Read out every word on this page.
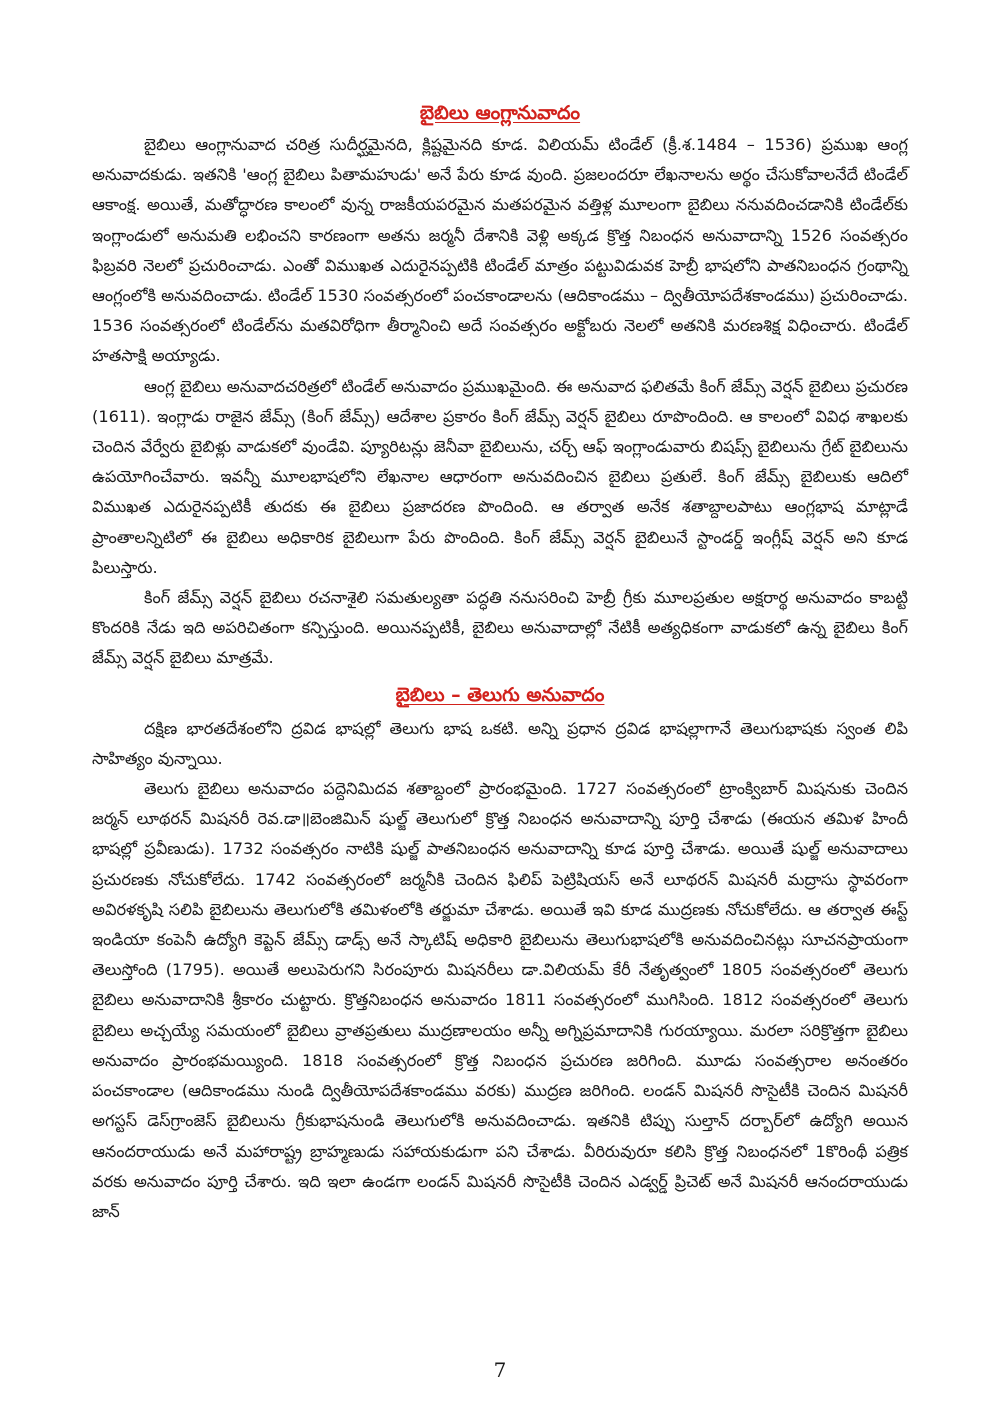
బైబిలు ఆంగ్లానువాదం

బైబిలు ఆంగ్లానువాద చరిత్ర సుదీర్ఘమైనది, క్లిష్టమైనది కూడ. విలియమ్ టిండేల్ (క్రీ.శ.1484 – 1536) ప్రముఖ ఆంగ్ల అనువాదకుడు. ఇతనికి 'ఆంగ్ల బైబిలు పితామహుడు' అనే పేరు కూడ వుంది. ప్రజలందరూ లేఖనాలను అర్థం చేసుకోవాలనేదే టిండేల్ ఆకాంక్ష. అయితే, మతోద్ధారణ కాలంలో వున్న రాజకీయపరమైన మతపరమైన వత్తిళ్ల మూలంగా బైబిలు ననువదించడానికి టిండేల్‌కు ఇంగ్లాండులో అనుమతి లభించని కారణంగా అతను జర్మనీ దేశానికి వెళ్లి అక్కడ క్రొత్త నిబంధన అనువాదాన్ని 1526 సంవత్సరం ఫిబ్రవరి నెలలో ప్రచురించాడు. ఎంతో విముఖత ఎదురైనప్పటికి టిండేల్ మాత్రం పట్టువిడువక హెబ్రీ భాషలోని పాతనిబంధన గ్రంథాన్ని ఆంగ్లంలోకి అనువదించాడు. టిండేల్ 1530 సంవత్సరంలో పంచకాండాలను (ఆదికాండము – ద్వితీయోపదేశకాండము) ప్రచురించాడు. 1536 సంవత్సరంలో టిండేల్‌ను మతవిరోధిగా తీర్మానించి అదే సంవత్సరం అక్టోబరు నెలలో అతనికి మరణశిక్ష విధించారు. టిండేల్ హతసాక్షి అయ్యాడు.

ఆంగ్ల బైబిలు అనువాదచరిత్రలో టిండేల్ అనువాదం ప్రముఖమైంది. ఈ అనువాద ఫలితమే కింగ్ జేమ్స్ వెర్షన్ బైబిలు ప్రచురణ (1611). ఇంగ్లాడు రాజైన జేమ్స్ (కింగ్ జేమ్స్) ఆదేశాల ప్రకారం కింగ్ జేమ్స్ వెర్షన్ బైబిలు రూపొందింది. ఆ కాలంలో వివిధ శాఖలకు చెందిన వేర్వేరు బైబిళ్లు వాడుకలో వుండేవి. ప్యూరిటన్లు జెనీవా బైబిలును, చర్చ్ ఆఫ్ ఇంగ్లాండువారు బిషప్స్ బైబిలును గ్రేట్ బైబిలును ఉపయోగించేవారు. ఇవన్నీ మూలభాషలోని లేఖనాల ఆధారంగా అనువదించిన బైబిలు ప్రతులే. కింగ్ జేమ్స్ బైబిలుకు ఆదిలో విముఖత ఎదురైనప్పటికీ తుదకు ఈ బైబిలు ప్రజాదరణ పొందింది. ఆ తర్వాత అనేక శతాబ్దాలపాటు ఆంగ్లభాష మాట్లాడే ప్రాంతాలన్నిటిలో ఈ బైబిలు అధికారిక బైబిలుగా పేరు పొందింది. కింగ్ జేమ్స్ వెర్షన్ బైబిలునే స్టాండర్డ్ ఇంగ్లీష్ వెర్షన్ అని కూడ పిలుస్తారు.

కింగ్ జేమ్స్ వెర్షన్ బైబిలు రచనాశైలి సమతుల్యతా పద్ధతి ననుసరించి హెబ్రీ గ్రీకు మూలప్రతుల అక్షరార్థ అనువాదం కాబట్టి కొందరికి నేడు ఇది అపరిచితంగా కన్పిస్తుంది. అయినప్పటికీ, బైబిలు అనువాదాల్లో నేటికీ అత్యధికంగా వాడుకలో ఉన్న బైబిలు కింగ్ జేమ్స్ వెర్షన్ బైబిలు మాత్రమే.

బైబిలు – తెలుగు అనువాదం

దక్షిణ భారతదేశంలోని ద్రవిడ భాషల్లో తెలుగు భాష ఒకటి. అన్ని ప్రధాన ద్రవిడ భాషల్లాగానే తెలుగుభాషకు స్వంత లిపి సాహిత్యం వున్నాయి.

తెలుగు బైబిలు అనువాదం పద్దెనిమిదవ శతాబ్దంలో ప్రారంభమైంది. 1727 సంవత్సరంలో ట్రాంక్విబార్ మిషనుకు చెందిన జర్మన్ లూథరన్ మిషనరీ రెవ.డా॥బెంజిమిన్ షుల్జ్ తెలుగులో క్రొత్త నిబంధన అనువాదాన్ని పూర్తి చేశాడు (ఈయన తమిళ హిందీ భాషల్లో ప్రవీణుడు). 1732 సంవత్సరం నాటికి షుల్జ్ పాతనిబంధన అనువాదాన్ని కూడ పూర్తి చేశాడు. అయితే షుల్జ్ అనువాదాలు ప్రచురణకు నోచుకోలేదు. 1742 సంవత్సరంలో జర్మనీకి చెందిన ఫిలిప్ పెట్రిషియస్ అనే లూథరన్ మిషనరీ మద్రాసు స్థావరంగా అవిరళకృషి సలిపి బైబిలును తెలుగులోకి తమిళంలోకి తర్జుమా చేశాడు. అయితే ఇవి కూడ ముద్రణకు నోచుకోలేదు. ఆ తర్వాత ఈస్ట్ ఇండియా కంపెనీ ఉద్యోగి కెప్టెన్ జేమ్స్ డాడ్స్ అనే స్కాటిష్ అధికారి బైబిలును తెలుగుభాషలోకి అనువదించినట్లు సూచనప్రాయంగా తెలుస్తోంది (1795). అయితే అలుపెరుగని సిరంపూరు మిషనరీలు డా.విలియమ్ కేరీ నేతృత్వంలో 1805 సంవత్సరంలో తెలుగు బైబిలు అనువాదానికి శ్రీకారం చుట్టారు. క్రొత్తనిబంధన అనువాదం 1811 సంవత్సరంలో ముగిసింది. 1812 సంవత్సరంలో తెలుగు బైబిలు అచ్చయ్యే సమయంలో బైబిలు వ్రాతప్రతులు ముద్రణాలయం అన్నీ అగ్నిప్రమాదానికి గురయ్యాయి. మరలా సరిక్రొత్తగా బైబిలు అనువాదం ప్రారంభమయ్యింది. 1818 సంవత్సరంలో క్రొత్త నిబంధన ప్రచురణ జరిగింది. మూడు సంవత్సరాల అనంతరం పంచకాండాల (ఆదికాండము నుండి ద్వితీయోపదేశకాండము వరకు) ముద్రణ జరిగింది. లండన్ మిషనరీ సొసైటీకి చెందిన మిషనరీ అగస్టస్ డెస్‌గ్రాంజెస్ బైబిలును గ్రీకుభాషనుండి తెలుగులోకి అనువదించాడు. ఇతనికి టిప్పు సుల్తాన్ దర్బార్‌లో ఉద్యోగి అయిన ఆనందరాయుడు అనే మహారాష్ట్ర బ్రాహ్మణుడు సహాయకుడుగా పని చేశాడు. వీరిరువురూ కలిసి క్రొత్త నిబంధనలో 1కొరింథీ పత్రిక వరకు అనువాదం పూర్తి చేశారు. ఇది ఇలా ఉండగా లండన్ మిషనరీ సొసైటీకి చెందిన ఎడ్వర్డ్ ప్రిచెట్ అనే మిషనరీ ఆనందరాయుడు జాన్

7
